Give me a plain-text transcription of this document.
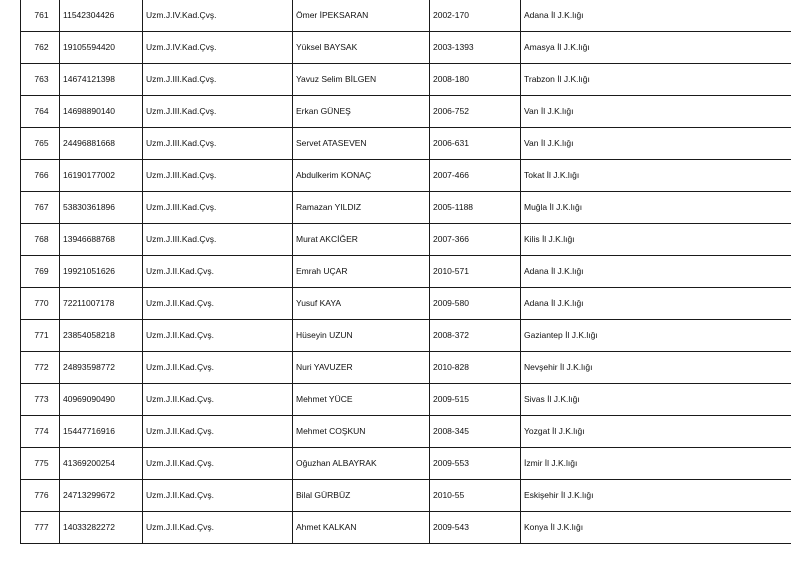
761	11542304426	Uzm.J.IV.Kad.Çvş.	Ömer İPEKSARAN	2002-170	Adana İl J.K.lığı
762	19105594420	Uzm.J.IV.Kad.Çvş.	Yüksel BAYSAK	2003-1393	Amasya İl J.K.lığı
763	14674121398	Uzm.J.III.Kad.Çvş.	Yavuz Selim BİLGEN	2008-180	Trabzon İl J.K.lığı
764	14698890140	Uzm.J.III.Kad.Çvş.	Erkan GÜNEŞ	2006-752	Van İl J.K.lığı
765	24496881668	Uzm.J.III.Kad.Çvş.	Servet ATASEVEN	2006-631	Van İl J.K.lığı
766	16190177002	Uzm.J.III.Kad.Çvş.	Abdulkerim KONAÇ	2007-466	Tokat İl J.K.lığı
767	53830361896	Uzm.J.III.Kad.Çvş.	Ramazan YILDIZ	2005-1188	Muğla İl J.K.lığı
768	13946688768	Uzm.J.III.Kad.Çvş.	Murat AKCİĞER	2007-366	Kilis İl J.K.lığı
769	19921051626	Uzm.J.II.Kad.Çvş.	Emrah UÇAR	2010-571	Adana İl J.K.lığı
770	72211007178	Uzm.J.II.Kad.Çvş.	Yusuf KAYA	2009-580	Adana İl J.K.lığı
771	23854058218	Uzm.J.II.Kad.Çvş.	Hüseyin UZUN	2008-372	Gaziantep İl J.K.lığı
772	24893598772	Uzm.J.II.Kad.Çvş.	Nuri YAVUZER	2010-828	Nevşehir İl J.K.lığı
773	40969090490	Uzm.J.II.Kad.Çvş.	Mehmet YÜCE	2009-515	Sivas İl J.K.lığı
774	15447716916	Uzm.J.II.Kad.Çvş.	Mehmet COŞKUN	2008-345	Yozgat İl J.K.lığı
775	41369200254	Uzm.J.II.Kad.Çvş.	Oğuzhan ALBAYRAK	2009-553	İzmir İl J.K.lığı
776	24713299672	Uzm.J.II.Kad.Çvş.	Bilal GÜRBÜZ	2010-55	Eskişehir İl J.K.lığı
777	14033282272	Uzm.J.II.Kad.Çvş.	Ahmet KALKAN	2009-543	Konya İl J.K.lığı
